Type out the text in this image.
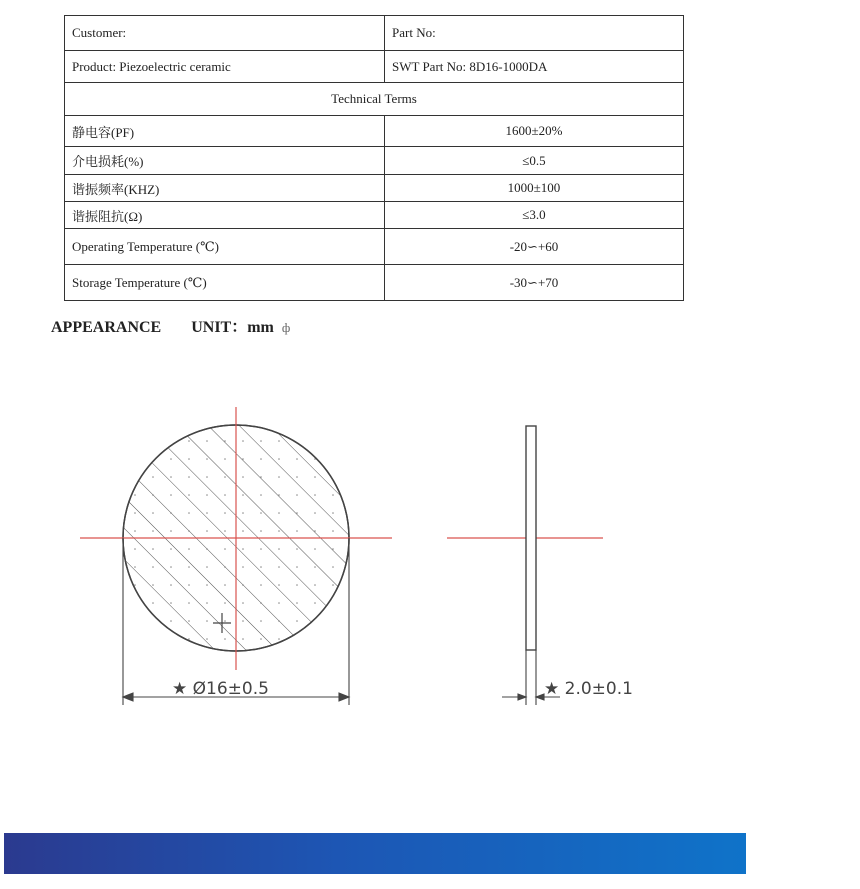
Customer:	Part No:
Product: Piezoelectric ceramic	SWT Part No: 8D16-1000DA
Technical Terms	
静电容(PF)	1600±20%
介电损耗(%)	≤0.5
谐振频率(KHZ)	1000±100
谐振阻抗(Ω)	≤3.0
Operating Temperature (℃)	-20∽+60
Storage Temperature (℃)	-30∽+70
APPEARANCE UNIT：mm ф
★ Ø16±0.5	★ 2.0±0.1
